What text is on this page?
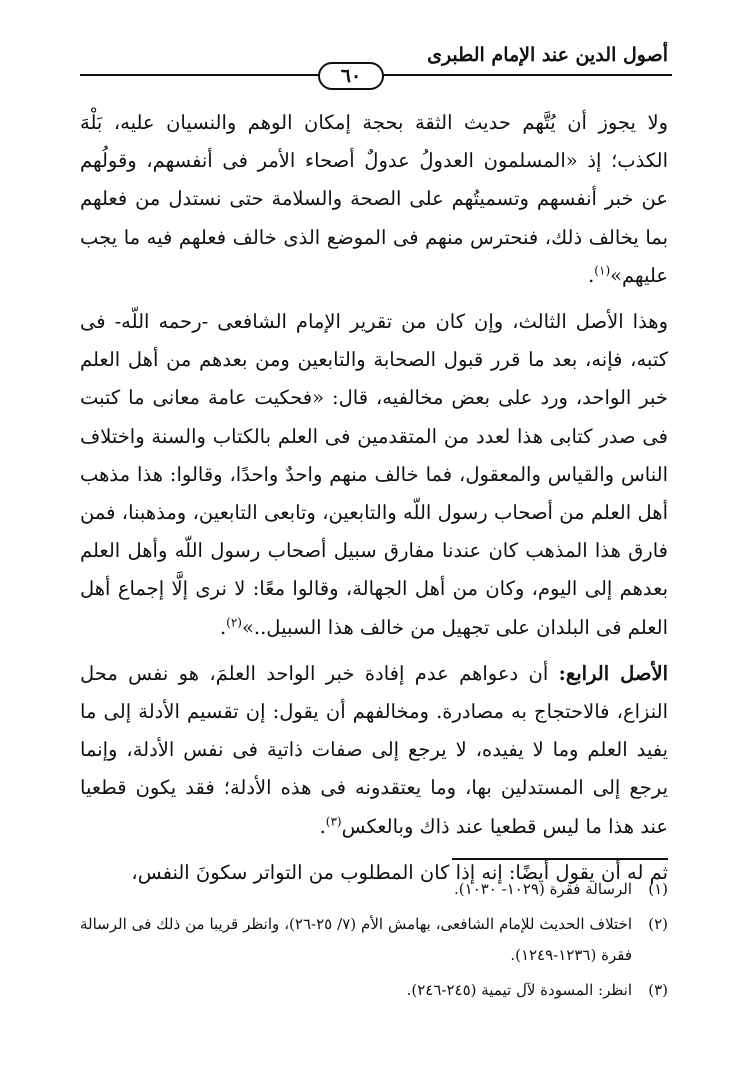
أصول الدين عند الإمام الطبرى
٦٠

ولا يجوز أن يُتَّهم حديث الثقة بحجة إمكان الوهم والنسيان عليه، بَلْهَ الكذب؛ إذ «المسلمون العدولُ عدولٌ أصحاء الأمر فى أنفسهم، وقولُهم عن خبر أنفسهم وتسميتُهم على الصحة والسلامة حتى نستدل من فعلهم بما يخالف ذلك، فنحترس منهم فى الموضع الذى خالف فعلهم فيه ما يجب عليهم»$^{(١)}$.

وهذا الأصل الثالث، وإن كان من تقرير الإمام الشافعى -رحمه اللّه- فى كتبه، فإنه، بعد ما قرر قبول الصحابة والتابعين ومن بعدهم من أهل العلم خبر الواحد، ورد على بعض مخالفيه، قال: «فحكيت عامة معانى ما كتبت فى صدر كتابى هذا لعدد من المتقدمين فى العلم بالكتاب والسنة واختلاف الناس والقياس والمعقول، فما خالف منهم واحدٌ واحدًا، وقالوا: هذا مذهب أهل العلم من أصحاب رسول اللّه والتابعين، وتابعى التابعين، ومذهبنا، فمن فارق هذا المذهب كان عندنا مفارق سبيل أصحاب رسول اللّه وأهل العلم بعدهم إلى اليوم، وكان من أهل الجهالة، وقالوا معًا: لا نرى إلَّا إجماع أهل العلم فى البلدان على تجهيل من خالف هذا السبيل..»$^{(٢)}$.

الأصل الرابع: أن دعواهم عدم إفادة خبر الواحد العلمَ، هو نفس محل النزاع، فالاحتجاج به مصادرة. ومخالفهم أن يقول: إن تقسيم الأدلة إلى ما يفيد العلم وما لا يفيده، لا يرجع إلى صفات ذاتية فى نفس الأدلة، وإنما يرجع إلى المستدلين بها، وما يعتقدونه فى هذه الأدلة؛ فقد يكون قطعيا عند هذا ما ليس قطعيا عند ذاك وبالعكس$^{(٣)}$.

ثم له أن يقول أيضًا: إنه إذا كان المطلوب من التواتر سكونَ النفس،

(١)
الرسالة فقرة (١٠٢٩- ١٠٣٠).
(٢)
اختلاف الحديث للإمام الشافعى، بهامش الأم (٧/ ٢٥-٢٦)، وانظر قريبا من ذلك فى الرسالة فقرة (١٢٣٦-١٢٤٩).
(٣)
انظر: المسودة لآل تيمية (٢٤٥-٢٤٦).
